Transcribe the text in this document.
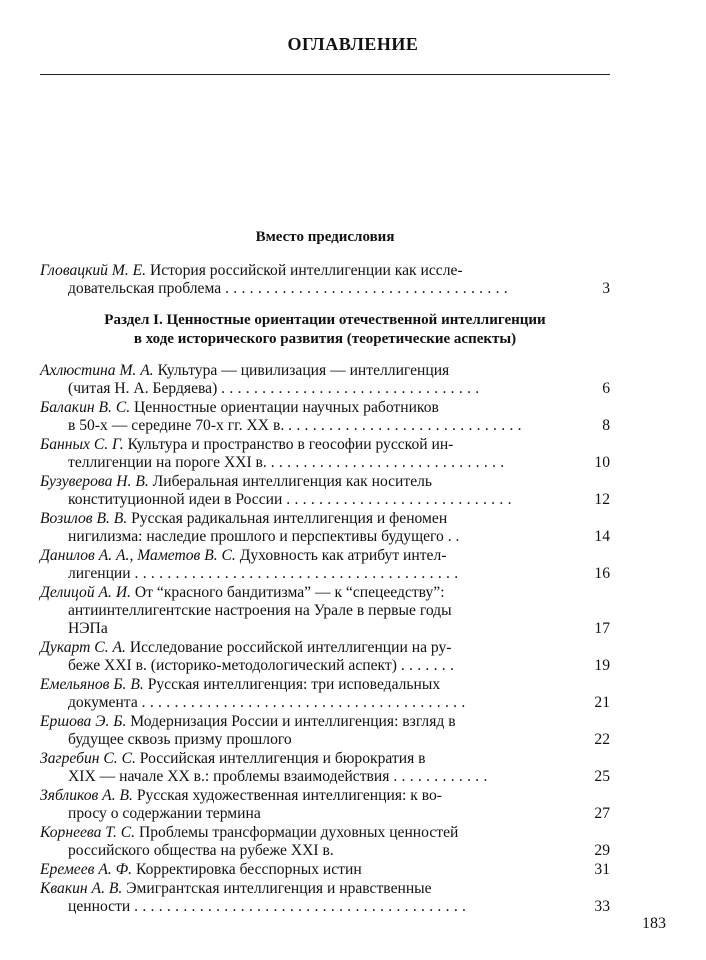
ОГЛАВЛЕНИЕ
Вместо предисловия
Гловацкий М. Е. История российской интеллигенции как иссле-
довательская проблема . . . . . . . . . . . . . . . . . . . . . . . . . . . . . . . . . . .	3
Раздел I. Ценностные ориентации отечественной интеллигенции
в ходе исторического развития (теоретические аспекты)
Ахлюстина М. А. Культура — цивилизация — интеллигенция
(читая Н. А. Бердяева) . . . . . . . . . . . . . . . . . . . . . . . . . . . . . . . .	6
Балакин В. С. Ценностные ориентации научных работников
в 50-х — середине 70-х гг. XX в. . . . . . . . . . . . . . . . . . . . . . . . . . . . . .	8
Банных С. Г. Культура и пространство в геософии русской ин-
теллигенции на пороге XXI в. . . . . . . . . . . . . . . . . . . . . . . . . . . . . .	10
Бузуверова Н. В. Либеральная интеллигенция как носитель
конституционной идеи в России . . . . . . . . . . . . . . . . . . . . . . . . . . . .	12
Возилов В. В. Русская радикальная интеллигенция и феномен
нигилизма: наследие прошлого и перспективы будущего . .	14
Данилов А. А., Маметов В. С. Духовность как атрибут интел-
лигенции . . . . . . . . . . . . . . . . . . . . . . . . . . . . . . . . . . . . . . . .	16
Делицой А. И. От “красного бандитизма” — к “спецеедству”:
антиинтеллигентские настроения на Урале в первые годы
НЭПа	17
Дукарт С. А. Исследование российской интеллигенции на ру-
беже XXI в. (историко-методологический аспект) . . . . . . .	19
Емельянов Б. В. Русская интеллигенция: три исповедальных
документа . . . . . . . . . . . . . . . . . . . . . . . . . . . . . . . . . . . . . . . .	21
Ершова Э. Б. Модернизация России и интеллигенция: взгляд в
будущее сквозь призму прошлого	22
Загребин С. С. Российская интеллигенция и бюрократия в
XIX — начале XX в.: проблемы взаимодействия . . . . . . . . . . . .	25
Зябликов А. В. Русская художественная интеллигенция: к во-
просу о содержании термина	27
Корнеева Т. С. Проблемы трансформации духовных ценностей
российского общества на рубеже XXI в.	29
Еремеев А. Ф. Корректировка бесспорных истин	31
Квакин А. В. Эмигрантская интеллигенция и нравственные
ценности . . . . . . . . . . . . . . . . . . . . . . . . . . . . . . . . . . . . . . . . .	33
183
